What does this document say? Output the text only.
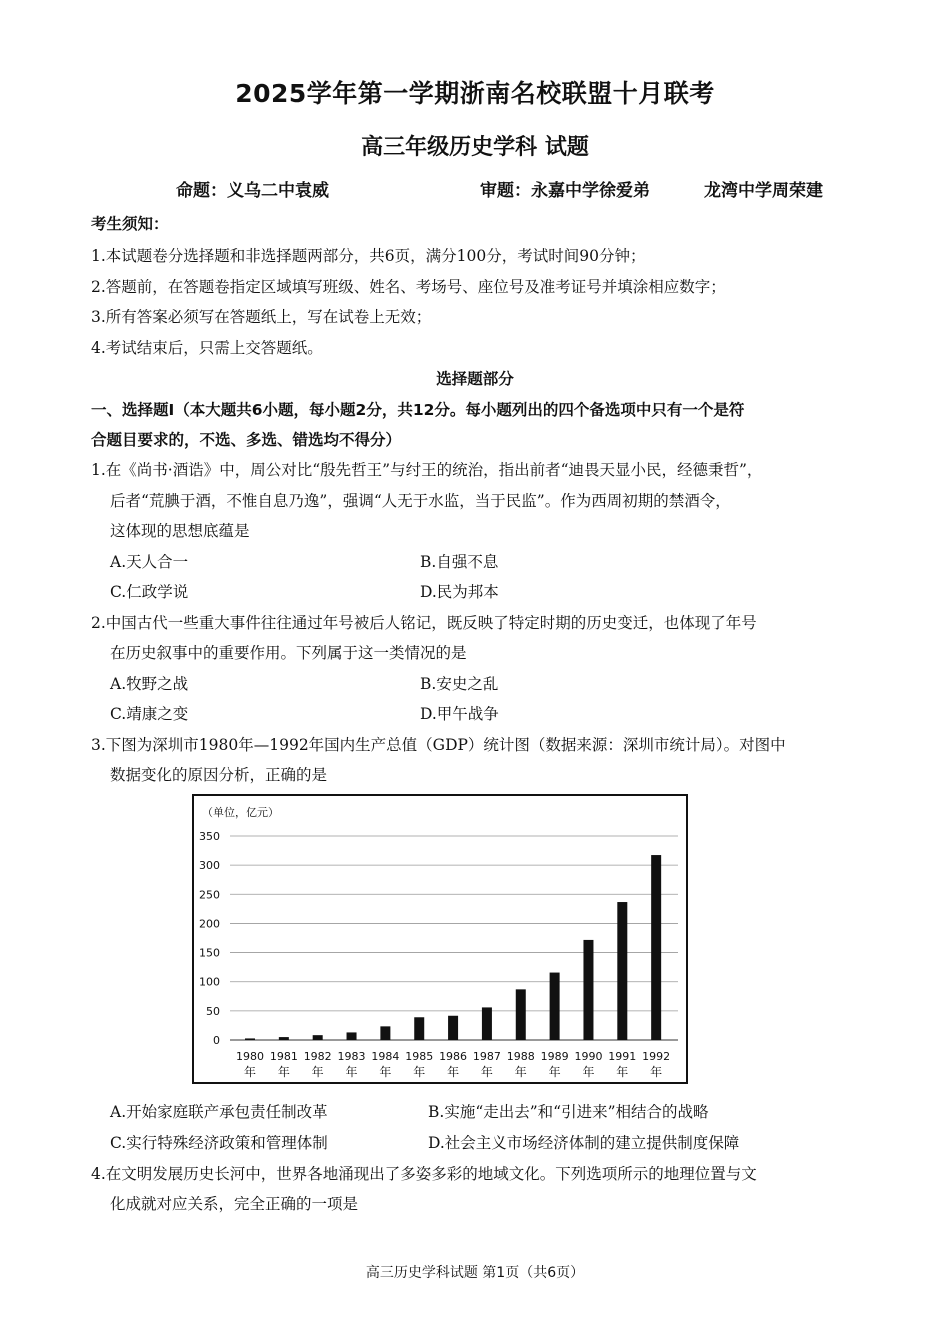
2025学年第一学期浙南名校联盟十月联考
高三年级历史学科 试题
命题：义乌二中袁威	审题：永嘉中学徐爱弟	龙湾中学周荣建
考生须知：
1.本试题卷分选择题和非选择题两部分，共6页，满分100分，考试时间90分钟；
2.答题前，在答题卷指定区域填写班级、姓名、考场号、座位号及准考证号并填涂相应数字；
3.所有答案必须写在答题纸上，写在试卷上无效；
4.考试结束后，只需上交答题纸。
选择题部分
一、选择题Ⅰ（本大题共6小题，每小题2分，共12分。每小题列出的四个备选项中只有一个是符
合题目要求的，不选、多选、错选均不得分）
1.在《尚书·酒诰》中，周公对比“殷先哲王”与纣王的统治，指出前者“迪畏天显小民，经德秉哲”，
后者“荒腆于酒，不惟自息乃逸”，强调“人无于水监，当于民监”。作为西周初期的禁酒令，
这体现的思想底蕴是
A.天人合一	B.自强不息
C.仁政学说	D.民为邦本
2.中国古代一些重大事件往往通过年号被后人铭记，既反映了特定时期的历史变迁，也体现了年号
在历史叙事中的重要作用。下列属于这一类情况的是
A.牧野之战	B.安史之乱
C.靖康之变	D.甲午战争
3.下图为深圳市1980年—1992年国内生产总值（GDP）统计图（数据来源：深圳市统计局）。对图中
数据变化的原因分析，正确的是
（单位，亿元）
0
50
100
150
200
250
300
350
1980
年
1981
年
1982
年
1983
年
1984
年
1985
年
1986
年
1987
年
1988
年
1989
年
1990
年
1991
年
1992
年
A.开始家庭联产承包责任制改革	B.实施“走出去”和“引进来”相结合的战略
C.实行特殊经济政策和管理体制	D.社会主义市场经济体制的建立提供制度保障
4.在文明发展历史长河中，世界各地涌现出了多姿多彩的地域文化。下列选项所示的地理位置与文
化成就对应关系，完全正确的一项是
高三历史学科试题 第1页（共6页）
